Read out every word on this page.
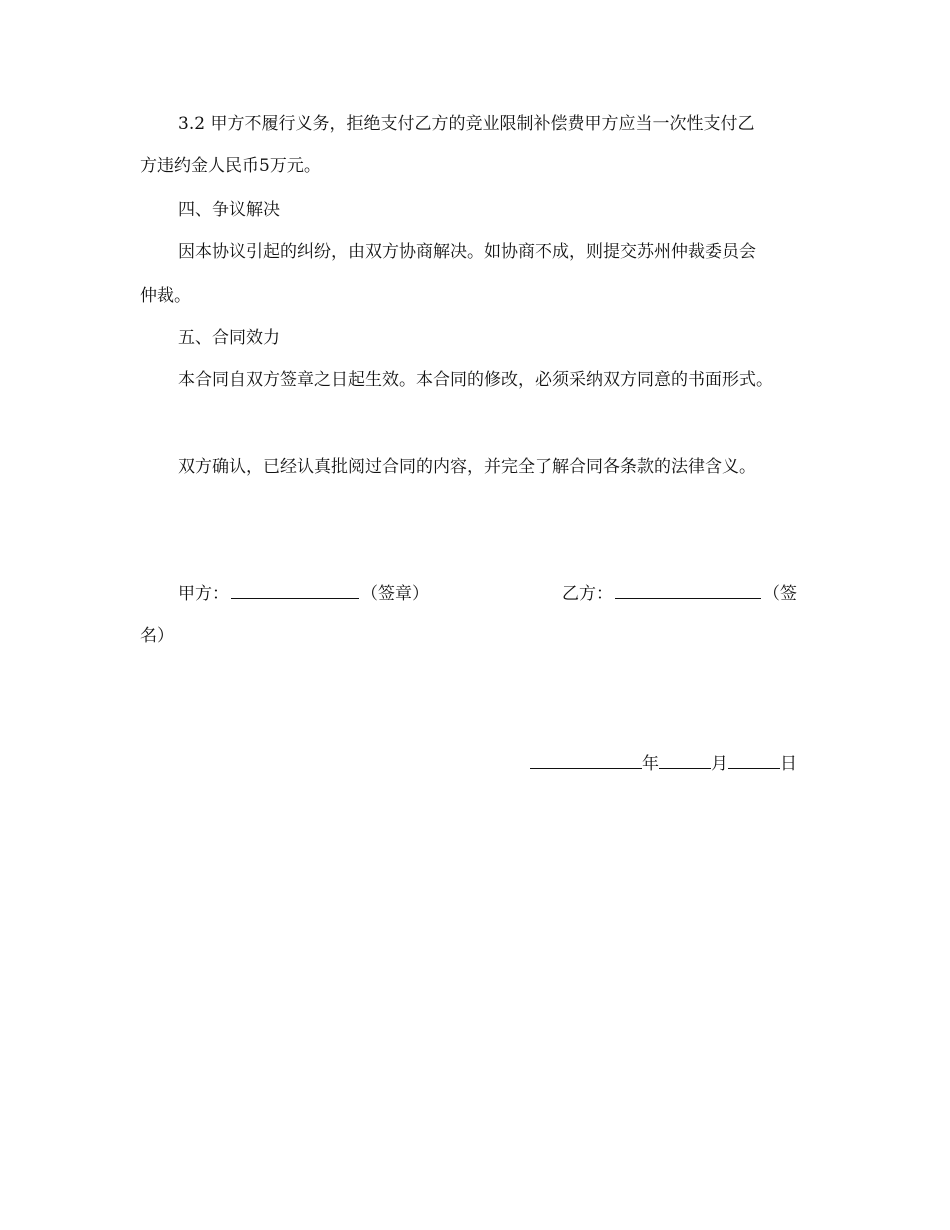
3.2 甲方不履行义务，拒绝支付乙方的竞业限制补偿费甲方应当一次性支付乙
方违约金人民币5万元。
四、争议解决
因本协议引起的纠纷，由双方协商解决。如协商不成，则提交苏州仲裁委员会
仲裁。
五、合同效力
本合同自双方签章之日起生效。本合同的修改，必须采纳双方同意的书面形式。
双方确认，已经认真批阅过合同的内容，并完全了解合同各条款的法律含义。
甲方：	（签章）	乙方：	（签
名）
年	月	日
